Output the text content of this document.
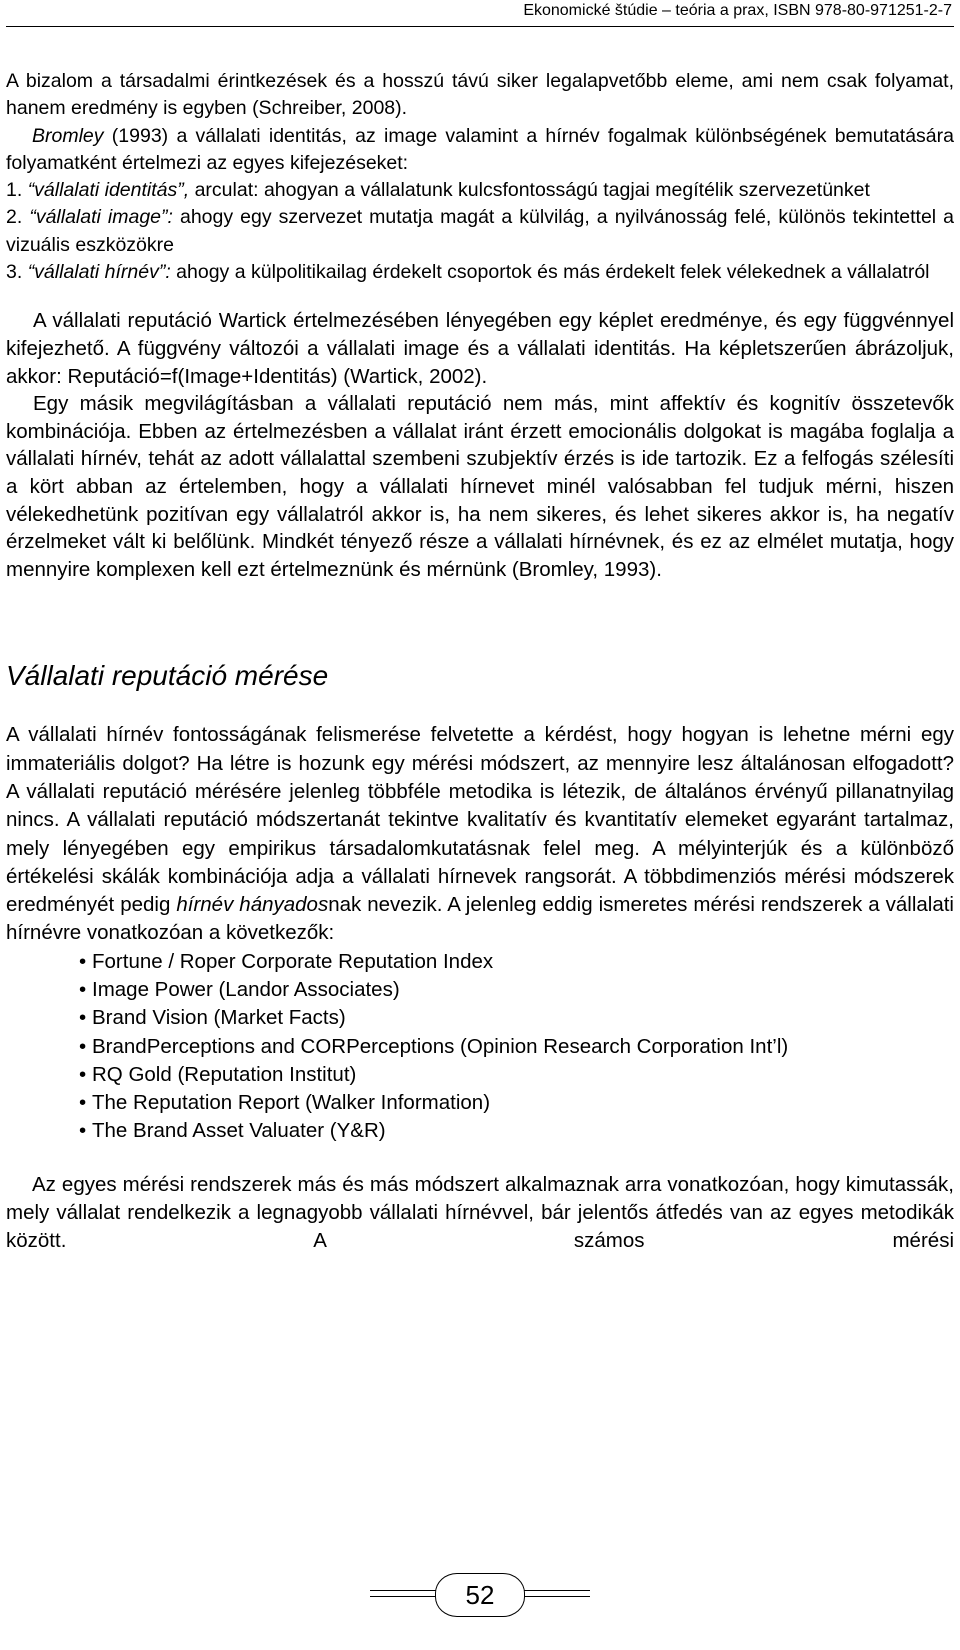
Ekonomické štúdie – teória a prax, ISBN 978-80-971251-2-7

A bizalom a társadalmi érintkezések és a hosszú távú siker legalapvetőbb eleme, ami nem csak folyamat, hanem eredmény is egyben (Schreiber, 2008).

Bromley (1993) a vállalati identitás, az image valamint a hírnév fogalmak különbségének bemutatására folyamatként értelmezi az egyes kifejezéseket:

1. “vállalati identitás”, arculat: ahogyan a vállalatunk kulcsfontosságú tagjai megítélik szervezetünket

2. “vállalati image”: ahogy egy szervezet mutatja magát a külvilág, a nyilvánosság felé, különös tekintettel a vizuális eszközökre

3. “vállalati hírnév”: ahogy a külpolitikailag érdekelt csoportok és más érdekelt felek vélekednek a vállalatról

A vállalati reputáció Wartick értelmezésében lényegében egy képlet eredménye, és egy függvénnyel kifejezhető. A függvény változói a vállalati image és a vállalati identitás. Ha képletszerűen ábrázoljuk, akkor: Reputáció=f(Image+Identitás) (Wartick, 2002).

Egy másik megvilágításban a vállalati reputáció nem más, mint affektív és kognitív összetevők kombinációja. Ebben az értelmezésben a vállalat iránt érzett emocionális dolgokat is magába foglalja a vállalati hírnév, tehát az adott vállalattal szembeni szubjektív érzés is ide tartozik. Ez a felfogás szélesíti a kört abban az értelemben, hogy a vállalati hírnevet minél valósabban fel tudjuk mérni, hiszen vélekedhetünk pozitívan egy vállalatról akkor is, ha nem sikeres, és lehet sikeres akkor is, ha negatív érzelmeket vált ki belőlünk. Mindkét tényező része a vállalati hírnévnek, és ez az elmélet mutatja, hogy mennyire komplexen kell ezt értelmeznünk és mérnünk (Bromley, 1993).

Vállalati reputáció mérése

A vállalati hírnév fontosságának felismerése felvetette a kérdést, hogy hogyan is lehetne mérni egy immateriális dolgot? Ha létre is hozunk egy mérési módszert, az mennyire lesz általánosan elfogadott? A vállalati reputáció mérésére jelenleg többféle metodika is létezik, de általános érvényű pillanatnyilag nincs. A vállalati reputáció módszertanát tekintve kvalitatív és kvantitatív elemeket egyaránt tartalmaz, mely lényegében egy empirikus társadalomkutatásnak felel meg. A mélyinterjúk és a különböző értékelési skálák kombinációja adja a vállalati hírnevek rangsorát. A többdimenziós mérési módszerek eredményét pedig hírnév hányadosnak nevezik. A jelenleg eddig ismeretes mérési rendszerek a vállalati hírnévre vonatkozóan a következők:

• Fortune / Roper Corporate Reputation Index
• Image Power (Landor Associates)
• Brand Vision (Market Facts)
• BrandPerceptions and CORPerceptions (Opinion Research Corporation Int’l)
• RQ Gold (Reputation Institut)
• The Reputation Report (Walker Information)
• The Brand Asset Valuater (Y&R)

Az egyes mérési rendszerek más és más módszert alkalmaznak arra vonatkozóan, hogy kimutassák, mely vállalat rendelkezik a legnagyobb vállalati hírnévvel, bár jelentős átfedés van az egyes metodikák között. A számos mérési

52
